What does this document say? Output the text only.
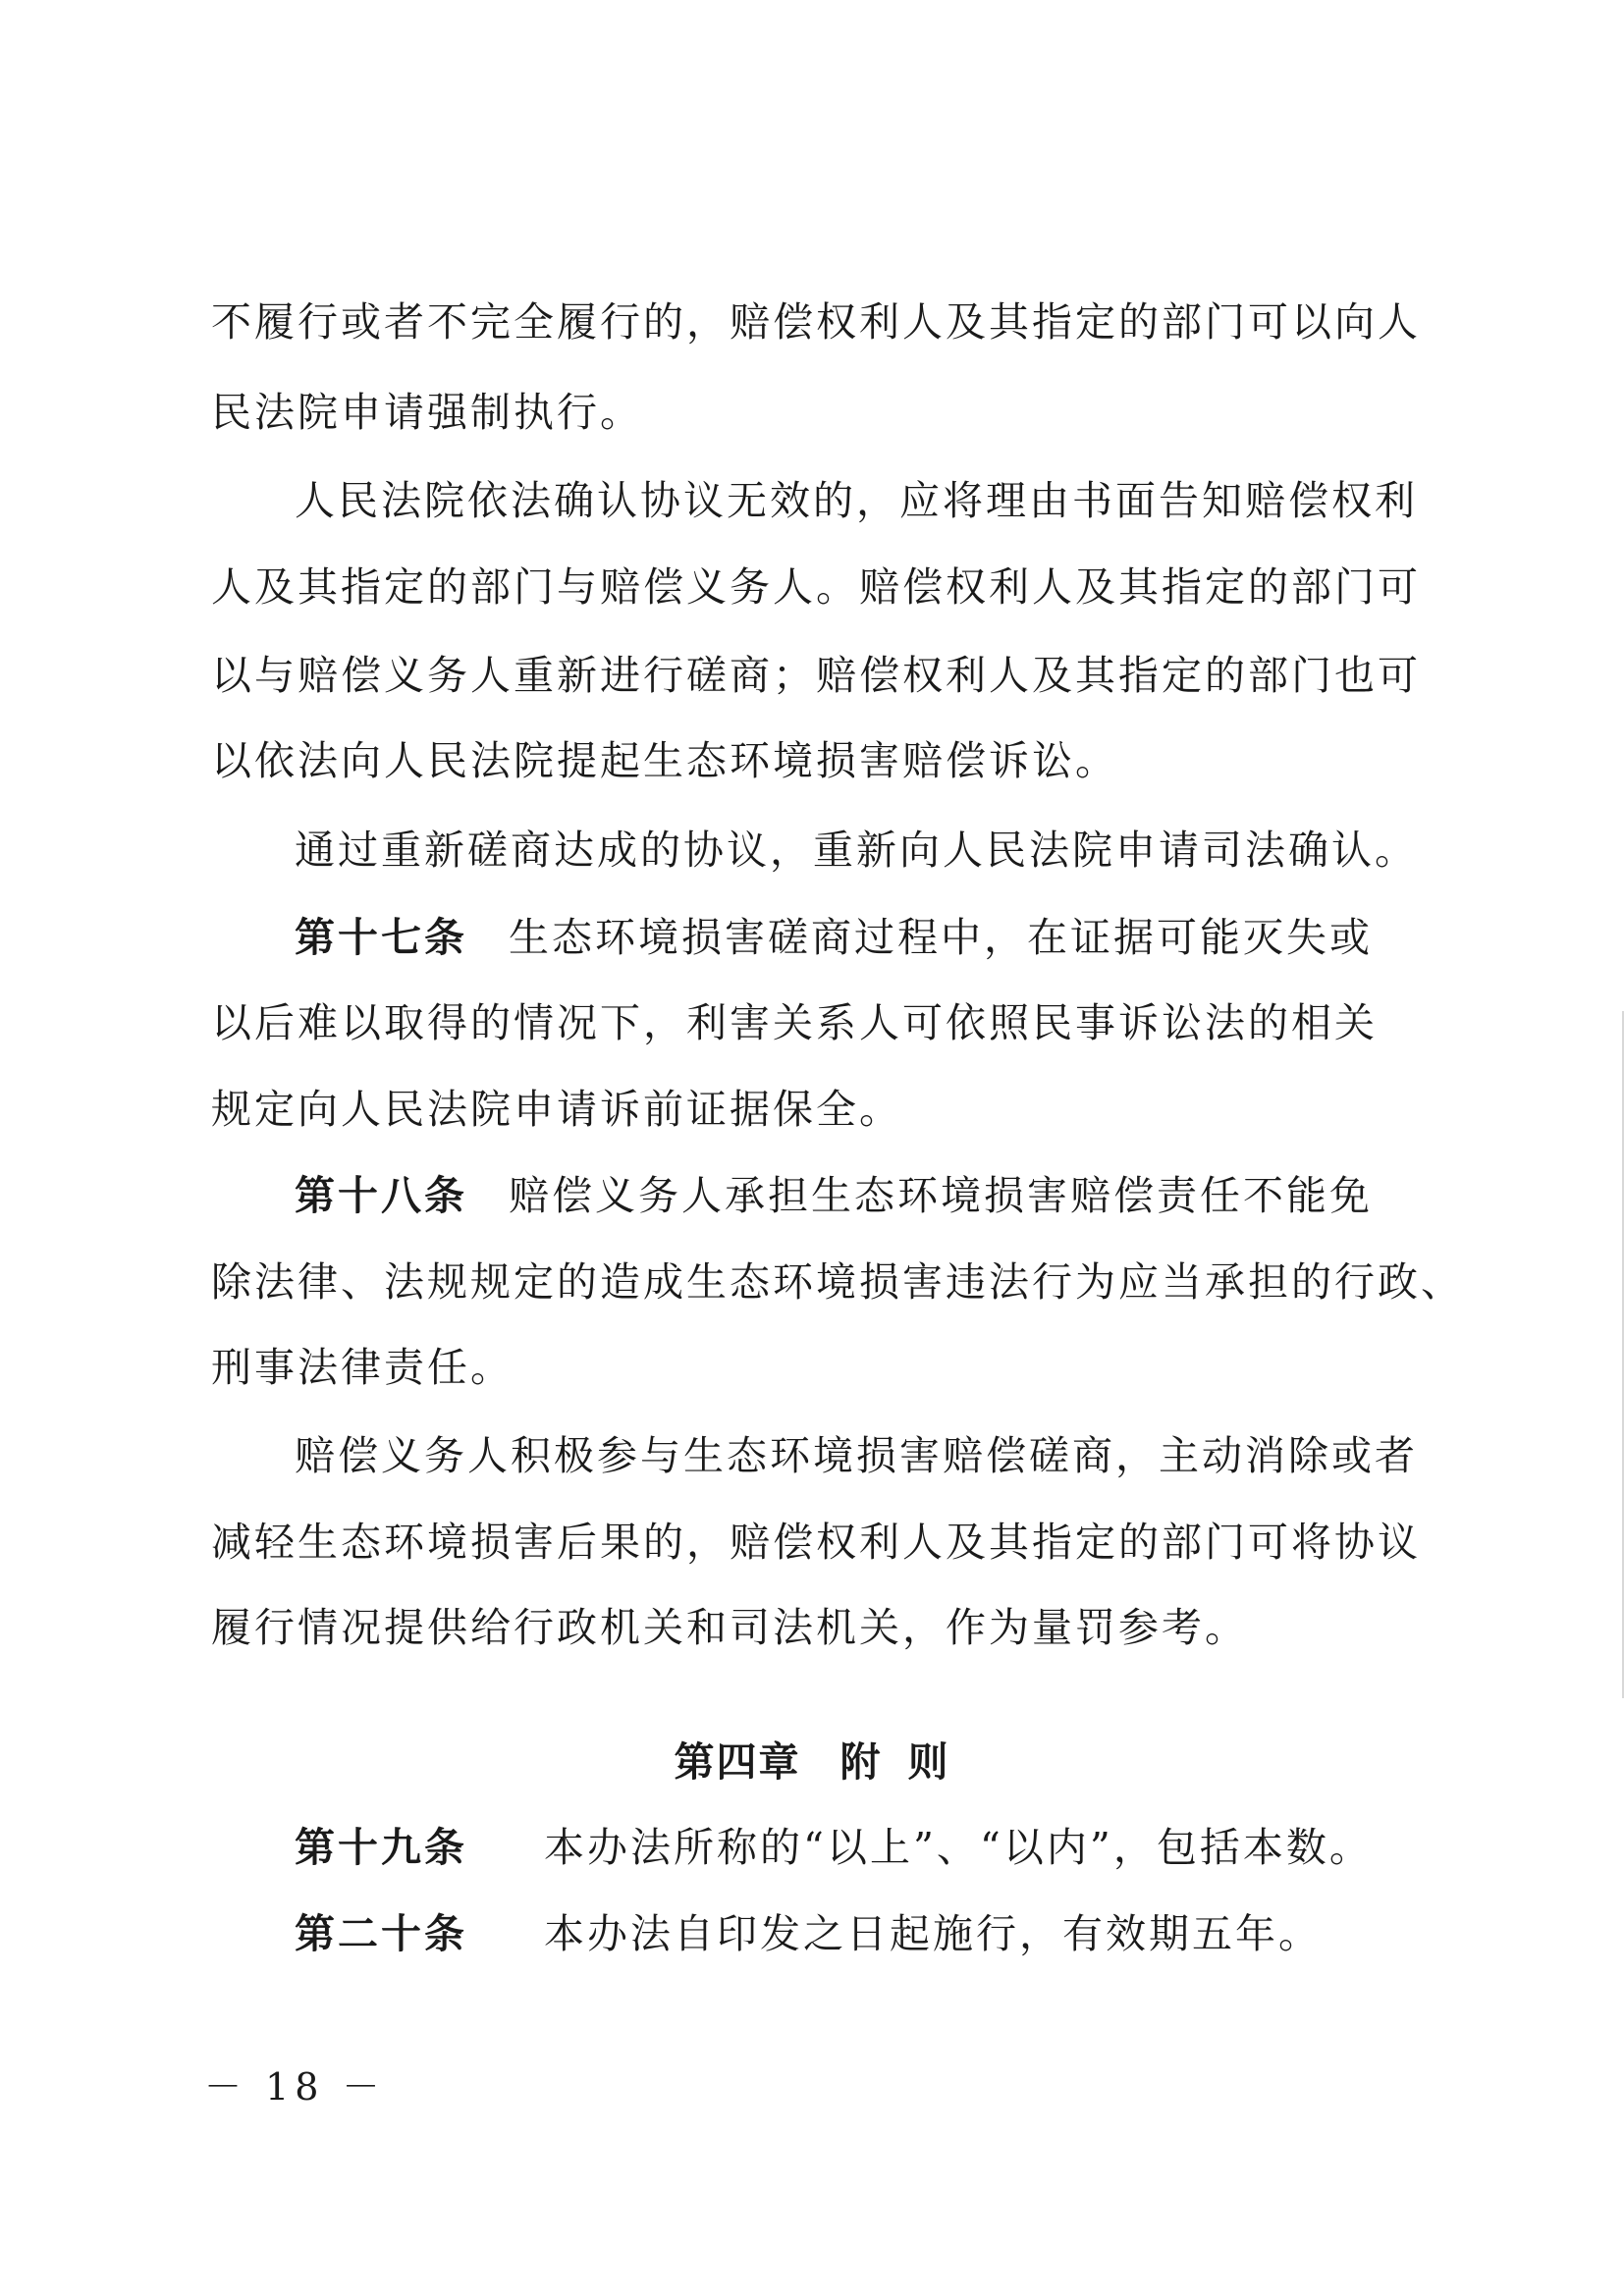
不履行或者不完全履行的，赔偿权利人及其指定的部门可以向人
民法院申请强制执行。
人民法院依法确认协议无效的，应将理由书面告知赔偿权利
人及其指定的部门与赔偿义务人。赔偿权利人及其指定的部门可
以与赔偿义务人重新进行磋商；赔偿权利人及其指定的部门也可
以依法向人民法院提起生态环境损害赔偿诉讼。
通过重新磋商达成的协议，重新向人民法院申请司法确认。
第十七条 生态环境损害磋商过程中，在证据可能灭失或
以后难以取得的情况下，利害关系人可依照民事诉讼法的相关
规定向人民法院申请诉前证据保全。
第十八条 赔偿义务人承担生态环境损害赔偿责任不能免
除法律、法规规定的造成生态环境损害违法行为应当承担的行政、
刑事法律责任。
赔偿义务人积极参与生态环境损害赔偿磋商，主动消除或者
减轻生态环境损害后果的，赔偿权利人及其指定的部门可将协议
履行情况提供给行政机关和司法机关，作为量罚参考。
第四章 附 则
第十九条 本办法所称的“以上”、“以内”，包括本数。
第二十条 本办法自印发之日起施行，有效期五年。
－ 18 －
